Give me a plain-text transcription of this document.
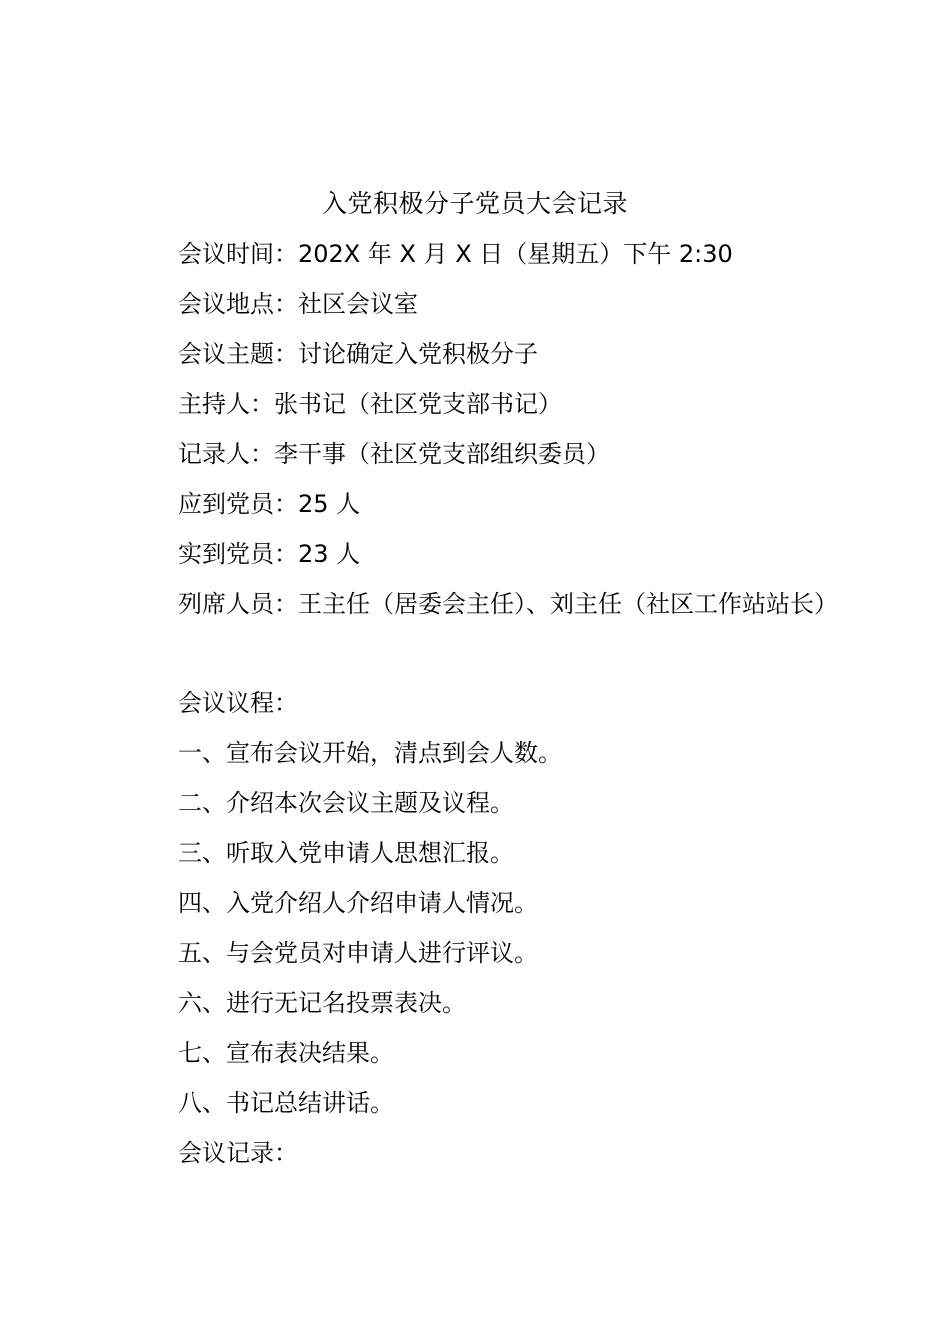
入党积极分子党员大会记录
会议时间：202X 年 X 月 X 日（星期五）下午 2:30
会议地点：社区会议室
会议主题：讨论确定入党积极分子
主持人：张书记（社区党支部书记）
记录人：李干事（社区党支部组织委员）
应到党员：25 人
实到党员：23 人
列席人员：王主任（居委会主任）、刘主任（社区工作站站长）
会议议程：
一、宣布会议开始，清点到会人数。
二、介绍本次会议主题及议程。
三、听取入党申请人思想汇报。
四、入党介绍人介绍申请人情况。
五、与会党员对申请人进行评议。
六、进行无记名投票表决。
七、宣布表决结果。
八、书记总结讲话。
会议记录：
